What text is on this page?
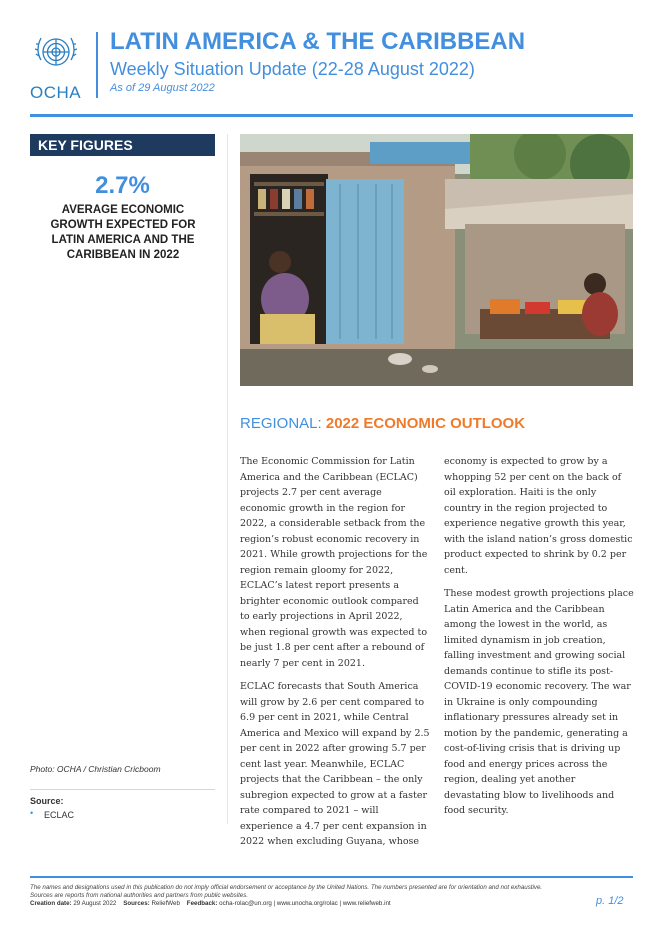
OCHA
LATIN AMERICA & THE CARIBBEAN
Weekly Situation Update (22-28 August 2022)
As of 29 August 2022
KEY FIGURES
2.7%
AVERAGE ECONOMIC GROWTH EXPECTED FOR LATIN AMERICA AND THE CARIBBEAN IN 2022
Photo: OCHA / Christian Cricboom
Source:
• ECLAC
REGIONAL: 2022 ECONOMIC OUTLOOK

The Economic Commission for Latin America and the Caribbean (ECLAC) projects 2.7 per cent average economic growth in the region for 2022, a considerable setback from the region’s robust economic recovery in 2021. While growth projections for the region remain gloomy for 2022, ECLAC’s latest report presents a brighter economic outlook compared to early projections in April 2022, when regional growth was expected to be just 1.8 per cent after a rebound of nearly 7 per cent in 2021.

ECLAC forecasts that South America will grow by 2.6 per cent compared to 6.9 per cent in 2021, while Central America and Mexico will expand by 2.5 per cent in 2022 after growing 5.7 per cent last year. Meanwhile, ECLAC projects that the Caribbean – the only subregion expected to grow at a faster rate compared to 2021 – will experience a 4.7 per cent expansion in 2022 when excluding Guyana, whose

economy is expected to grow by a whopping 52 per cent on the back of oil exploration. Haiti is the only country in the region projected to experience negative growth this year, with the island nation’s gross domestic product expected to shrink by 0.2 per cent.

These modest growth projections place Latin America and the Caribbean among the lowest in the world, as limited dynamism in job creation, falling investment and growing social demands continue to stifle its post-COVID-19 economic recovery. The war in Ukraine is only compounding inflationary pressures already set in motion by the pandemic, generating a cost-of-living crisis that is driving up food and energy prices across the region, dealing yet another devastating blow to livelihoods and food security.

The names and designations used in this publication do not imply official endorsement or acceptance by the United Nations. The numbers presented are for orientation and not exhaustive.
Sources are reports from national authorities and partners from public websites.
Creation date: 29 August 2022 Sources: ReliefWeb Feedback: ocha-rolac@un.org | www.unocha.org/rolac | www.reliefweb.int	p. 1/2
